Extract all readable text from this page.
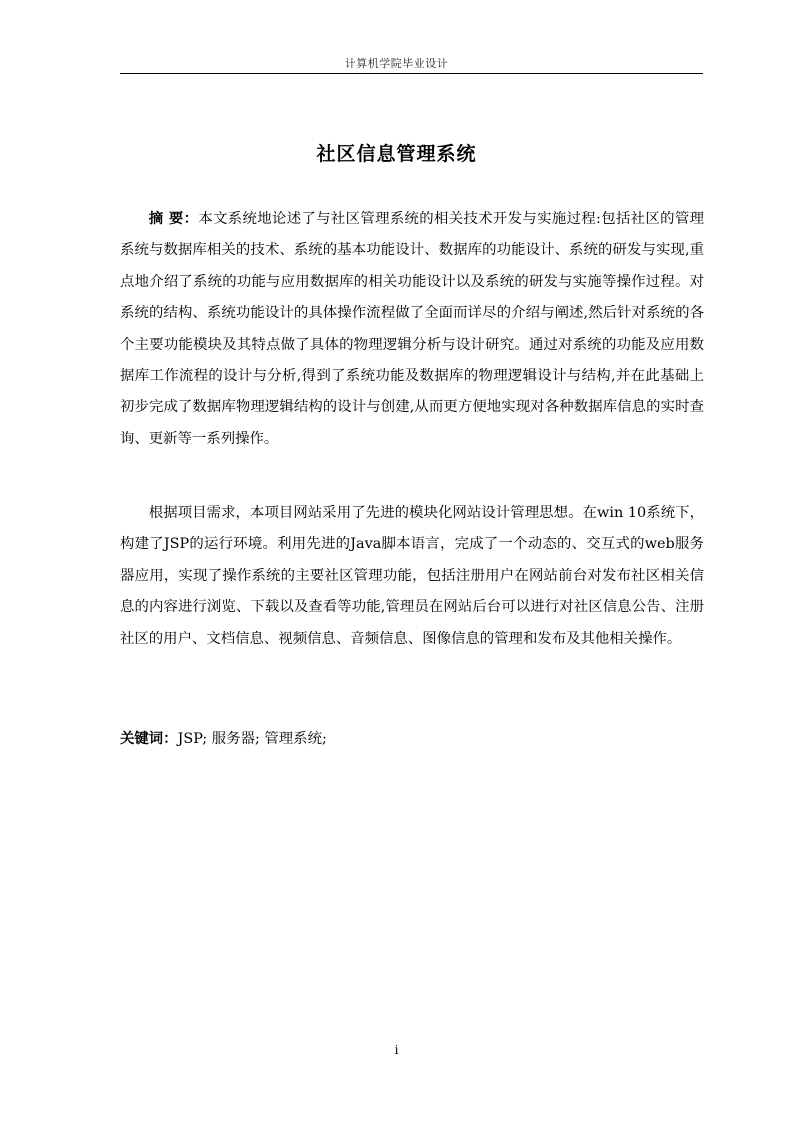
计算机学院毕业设计
社区信息管理系统

摘 要：本文系统地论述了与社区管理系统的相关技术开发与实施过程:包括社区的管理系统与数据库相关的技术、系统的基本功能设计、数据库的功能设计、系统的研发与实现,重点地介绍了系统的功能与应用数据库的相关功能设计以及系统的研发与实施等操作过程。对系统的结构、系统功能设计的具体操作流程做了全面而详尽的介绍与阐述,然后针对系统的各个主要功能模块及其特点做了具体的物理逻辑分析与设计研究。通过对系统的功能及应用数据库工作流程的设计与分析,得到了系统功能及数据库的物理逻辑设计与结构,并在此基础上初步完成了数据库物理逻辑结构的设计与创建,从而更方便地实现对各种数据库信息的实时查询、更新等一系列操作。

根据项目需求，本项目网站采用了先进的模块化网站设计管理思想。在win 10系统下，构建了JSP的运行环境。利用先进的Java脚本语言，完成了一个动态的、交互式的web服务器应用，实现了操作系统的主要社区管理功能，包括注册用户在网站前台对发布社区相关信息的内容进行浏览、下载以及查看等功能,管理员在网站后台可以进行对社区信息公告、注册社区的用户、文档信息、视频信息、音频信息、图像信息的管理和发布及其他相关操作。

关键词：JSP; 服务器; 管理系统;
i
